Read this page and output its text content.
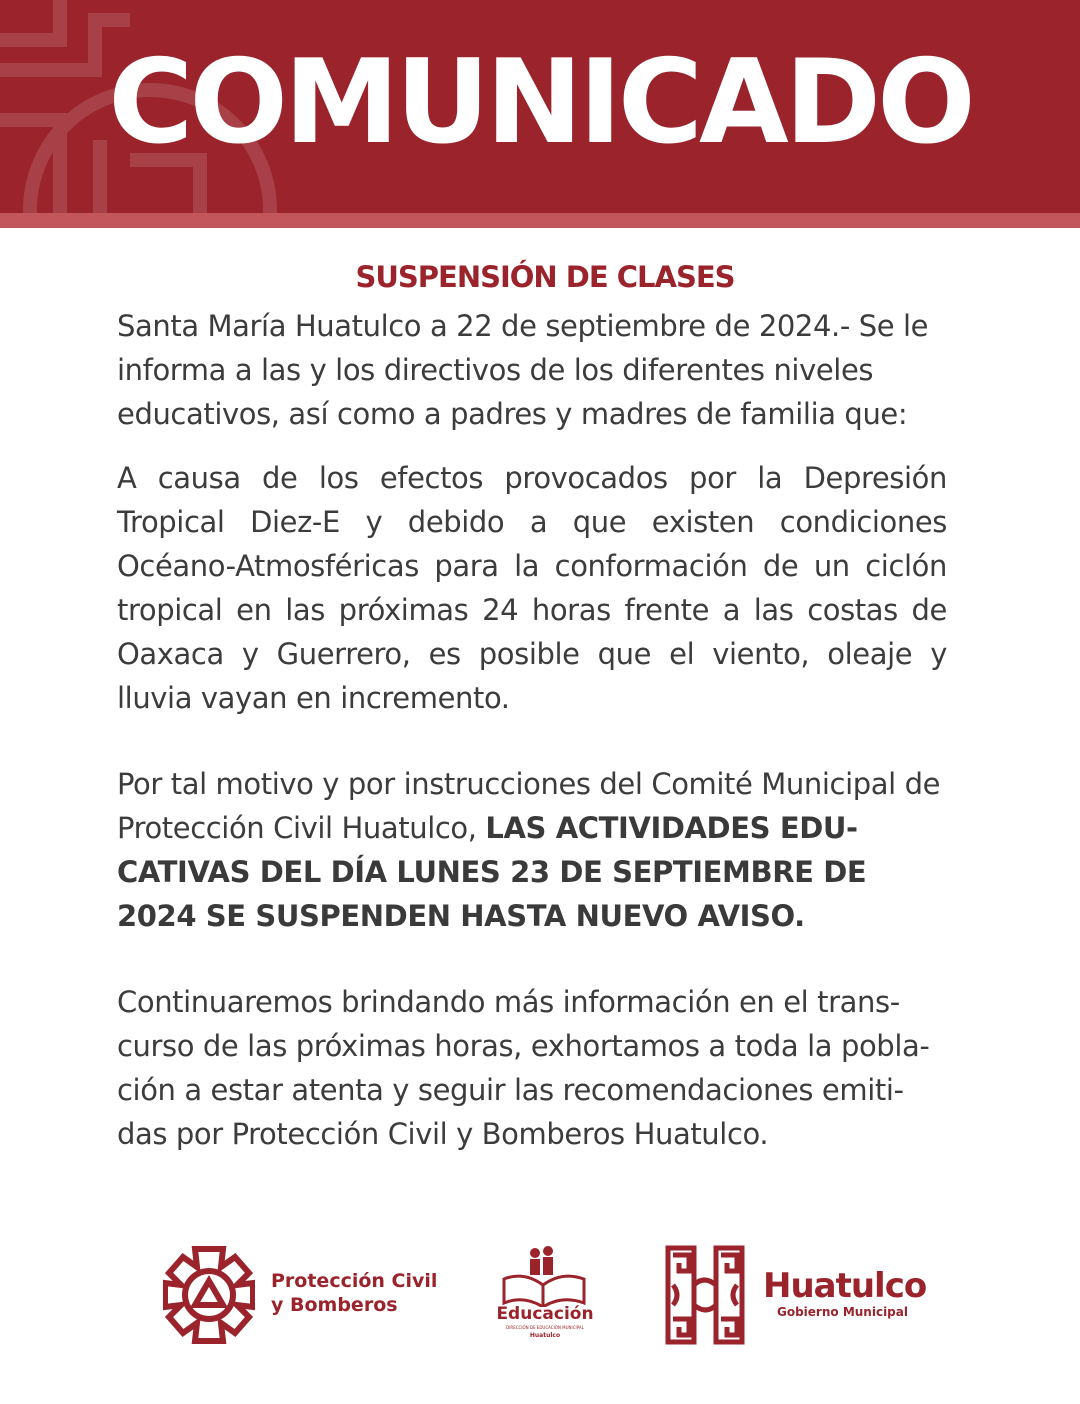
COMUNICADO
SUSPENSIÓN DE CLASES

Santa María Huatulco a 22 de septiembre de 2024.- Se le informa a las y los directivos de los diferentes niveles educativos, así como a padres y madres de familia que:

A causa de los efectos provocados por la Depresión Tropical Diez-E y debido a que existen condiciones Océano-Atmosféricas para la conformación de un ciclón tropical en las próximas 24 horas frente a las costas de Oaxaca y Guerrero, es posible que el viento, oleaje y lluvia vayan en incremento.

Por tal motivo y por instrucciones del Comité Municipal de Protección Civil Huatulco, LAS ACTIVIDADES EDU- CATIVAS DEL DÍA LUNES 23 DE SEPTIEMBRE DE 2024 SE SUSPENDEN HASTA NUEVO AVISO.

Continuaremos brindando más información en el trans- curso de las próximas horas, exhortamos a toda la pobla- ción a estar atenta y seguir las recomendaciones emiti- das por Protección Civil y Bomberos Huatulco.

Protección Civil
y Bomberos	Educación
DIRECCIÓN DE EDUCACIÓN MUNICIPAL
Huatulco
Huatulco
Gobierno Municipal
